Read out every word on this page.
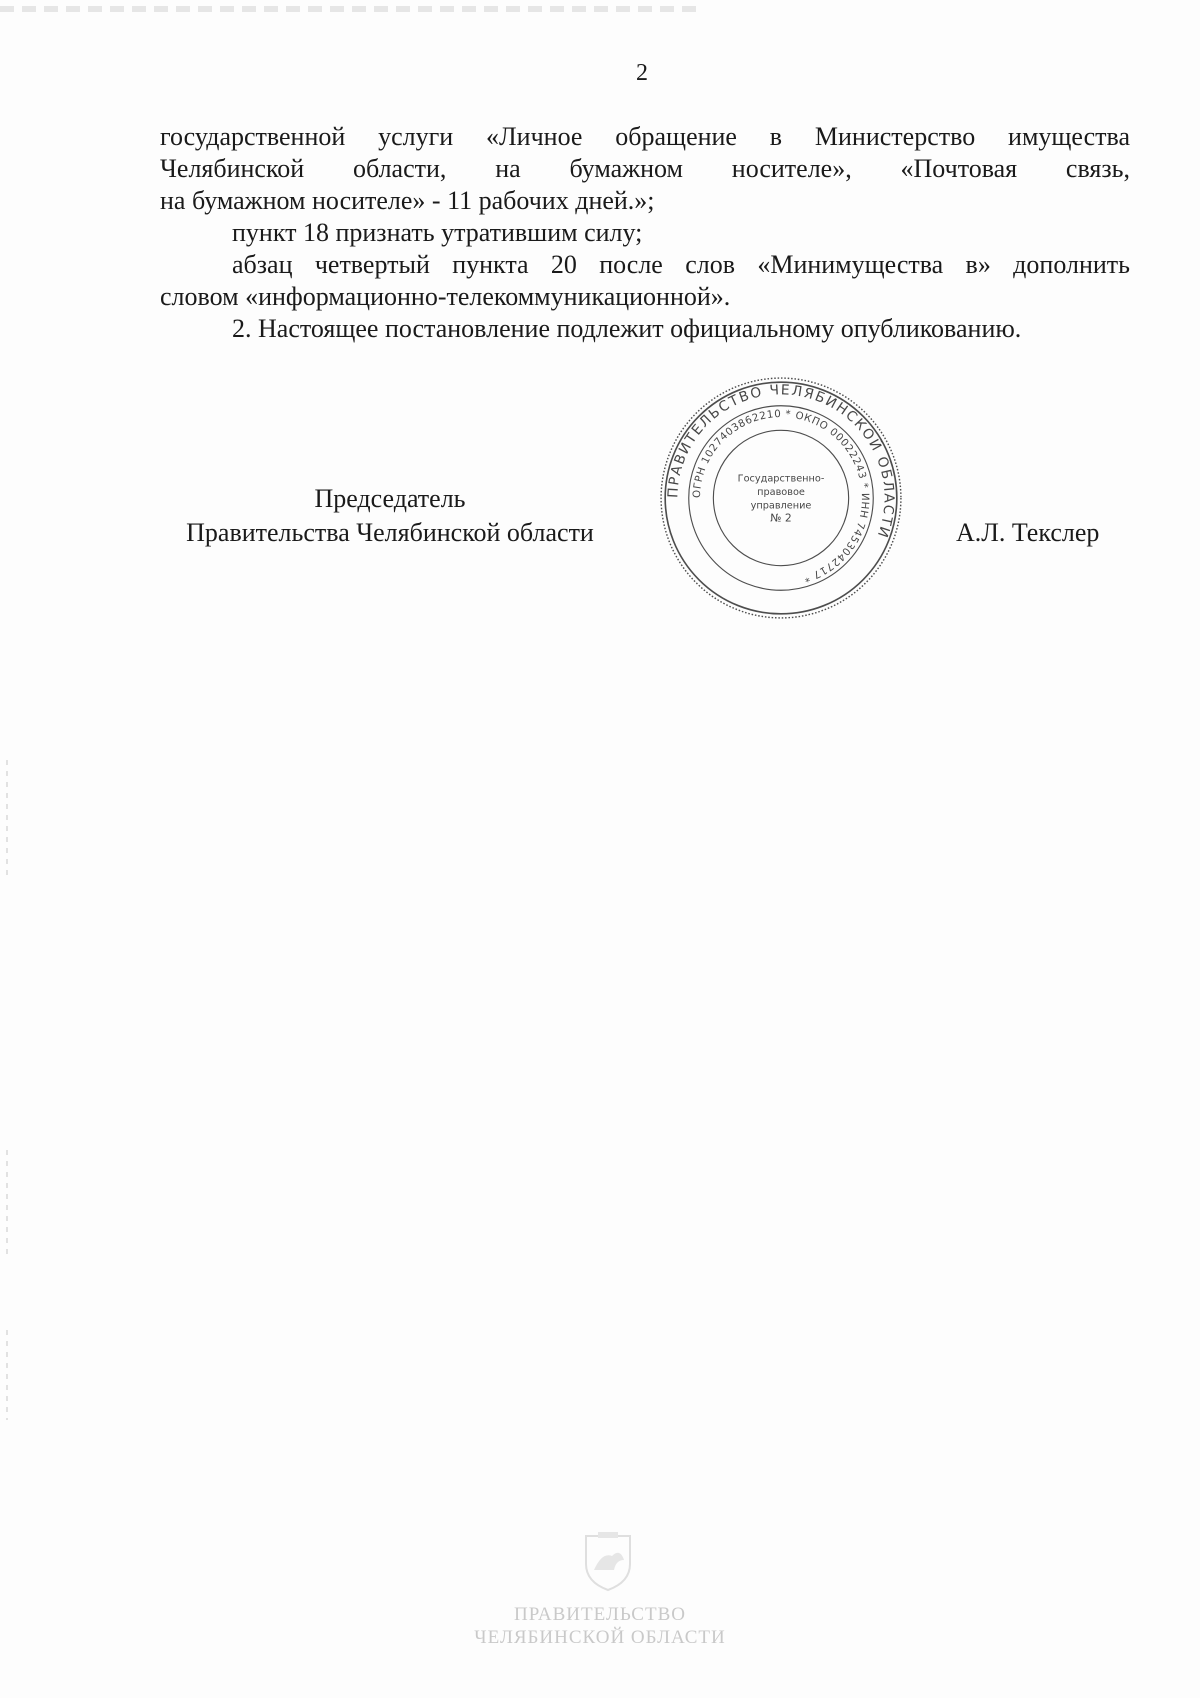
2

государственной услуги «Личное обращение в Министерство имущества

Челябинской области, на бумажном носителе», «Почтовая связь,

на бумажном носителе» - 11 рабочих дней.»;

пункт 18 признать утратившим силу;

абзац четвертый пункта 20 после слов «Минимущества в» дополнить

словом «информационно-телекоммуникационной».

2. Настоящее постановление подлежит официальному опубликованию.

Председатель
Правительства Челябинской области
ПРАВИТЕЛЬСТВО ЧЕЛЯБИНСКОЙ ОБЛАСТИ
ОГРН 1027403862210 * ОКПО 00022243 * ИНН 7453042717 *
Государственно-
правовое
управление
№ 2	А.Л. Текслер
ПРАВИТЕЛЬСТВО
ЧЕЛЯБИНСКОЙ ОБЛАСТИ
